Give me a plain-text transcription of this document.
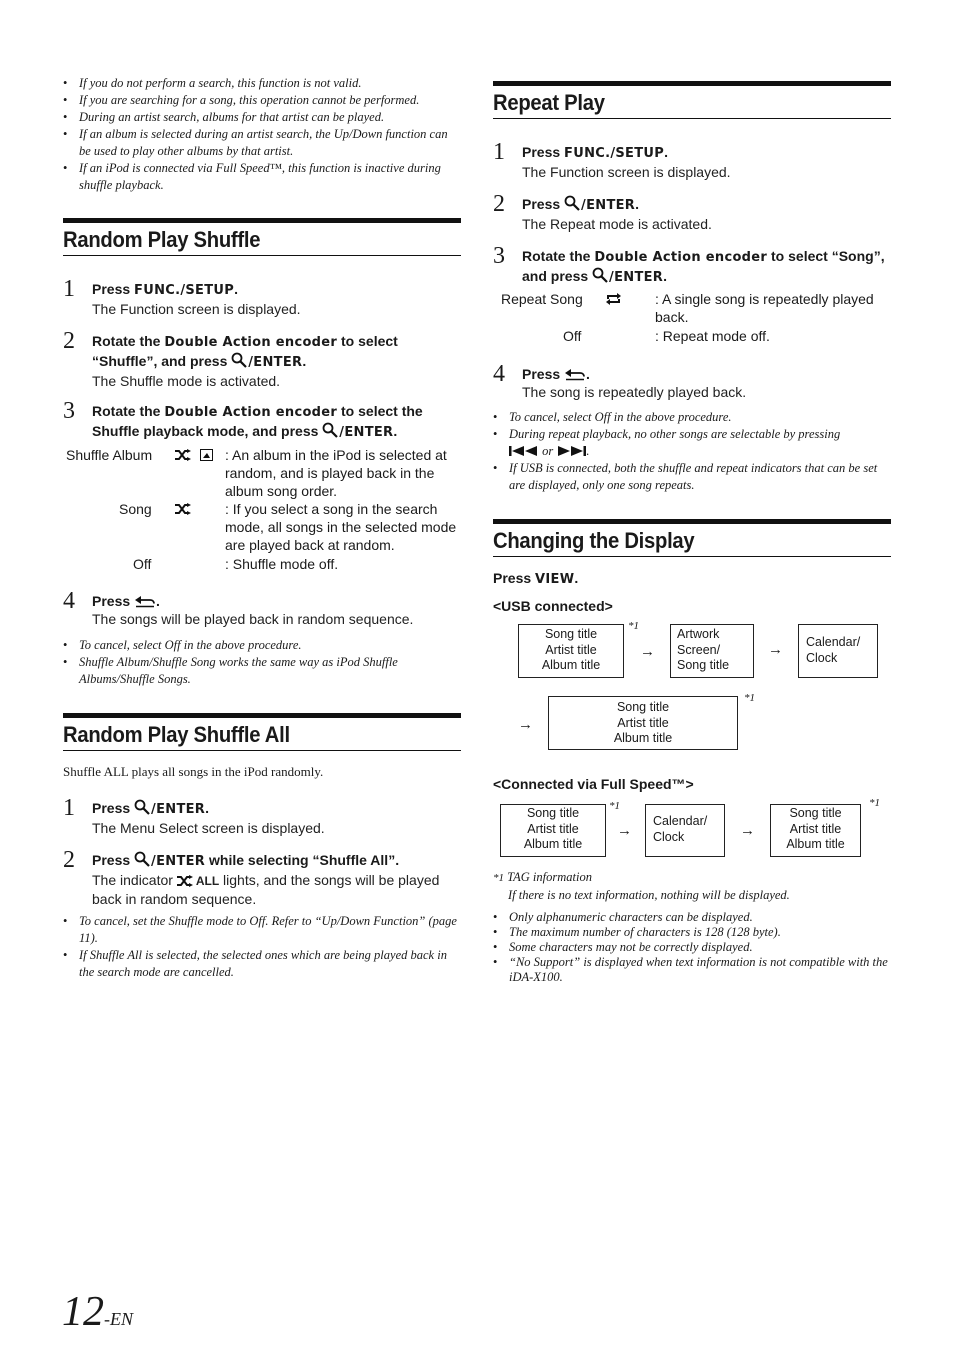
• If you do not perform a search, this function is not valid.
• If you are searching for a song, this operation cannot be performed.
• During an artist search, albums for that artist can be played.
• If an album is selected during an artist search, the Up/Down function can be used to play other albums by that artist.
• If an iPod is connected via Full Speed™, this function is inactive during shuffle playback.
Random Play Shuffle
1 Press FUNC./SETUP.
The Function screen is displayed.
2 Rotate the Double Action encoder to select “Shuffle”, and press /ENTER.
The Shuffle mode is activated.
3 Rotate the Double Action encoder to select the Shuffle playback mode, and press /ENTER.
Shuffle Album	: An album in the iPod is selected at random, and is played back in the album song order.
Song	: If you select a song in the search mode, all songs in the selected mode are played back at random.
Off	: Shuffle mode off.
4 Press .
The songs will be played back in random sequence.
• To cancel, select Off in the above procedure.
• Shuffle Album/Shuffle Song works the same way as iPod Shuffle Albums/Shuffle Songs.
Random Play Shuffle All
Shuffle ALL plays all songs in the iPod randomly.
1 Press /ENTER.
The Menu Select screen is displayed.
2 Press /ENTER while selecting “Shuffle All”.
The indicator ALL lights, and the songs will be played back in random sequence.
• To cancel, set the Shuffle mode to Off. Refer to “Up/Down Function” (page 11).
• If Shuffle All is selected, the selected ones which are being played back in the search mode are cancelled.
Repeat Play
1 Press FUNC./SETUP.
The Function screen is displayed.
2 Press /ENTER.
The Repeat mode is activated.
3 Rotate the Double Action encoder to select “Song”, and press /ENTER.
Repeat Song	: A single song is repeatedly played back.
Off	: Repeat mode off.
4 Press .
The song is repeatedly played back.
• To cancel, select Off in the above procedure.
• During repeat playback, no other songs are selectable by pressing
or	.
• If USB is connected, both the shuffle and repeat indicators that can be set are displayed, only one song repeats.
Changing the Display
Press VIEW.
<USB connected>
Song title
Artist title
Album title
*1
→
Artwork
Screen/
Song title
→ Calendar/
Clock
→
Song title
Artist title
Album title
*1
<Connected via Full Speed™>
Song title
Artist title
Album title
*1
→
Calendar/
Clock	→
Song title
Artist title
Album title
*1
*1 TAG information
If there is no text information, nothing will be displayed.
• Only alphanumeric characters can be displayed.
• The maximum number of characters is 128 (128 byte).
• Some characters may not be correctly displayed.
• “No Support” is displayed when text information is not compatible with the iDA-X100.
12-EN
